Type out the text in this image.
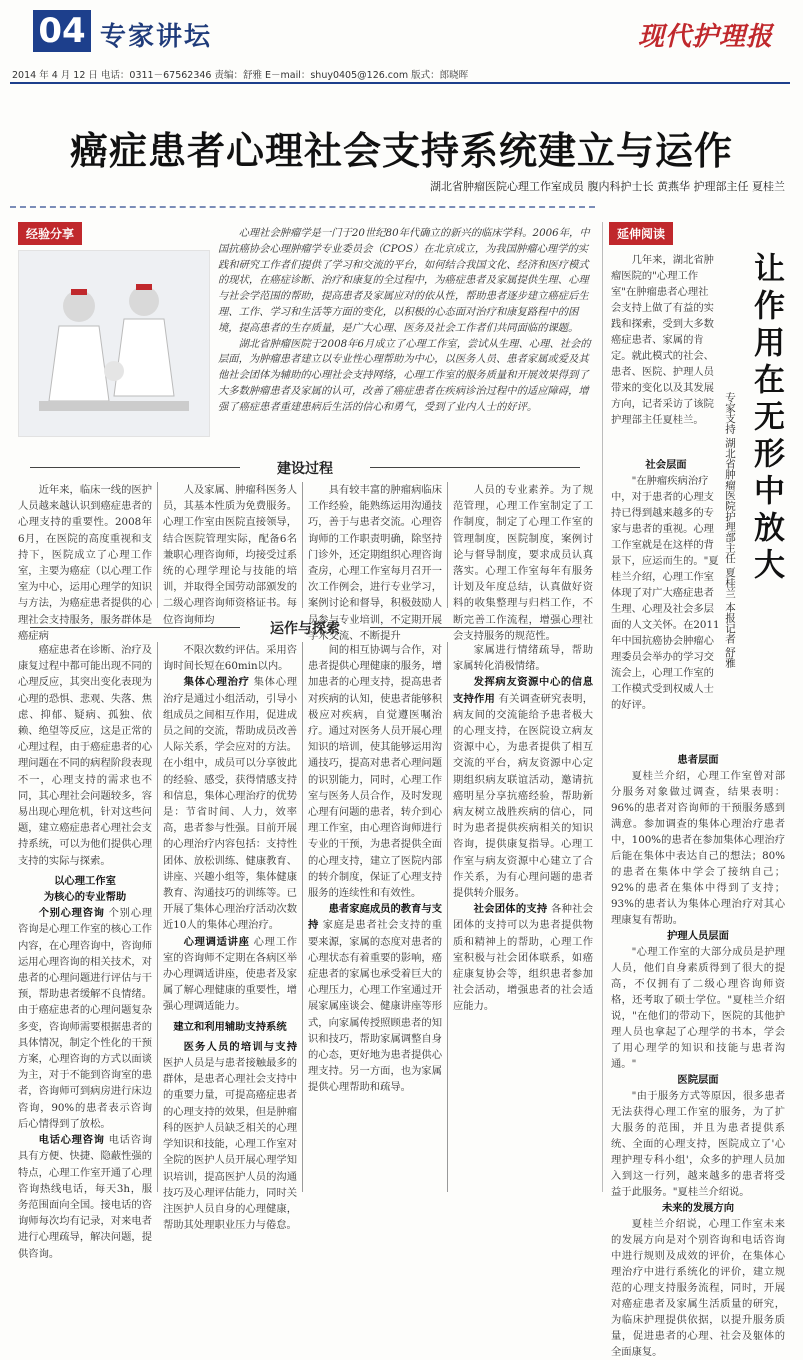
04 专家讲坛	现代护理报
2014 年 4 月 12 日 电话：0311－67562346 责编：舒雅 E－mail：shuy0405@126.com 版式：郎晓晖
癌症患者心理社会支持系统建立与运作
湖北省肿瘤医院心理工作室成员 腹内科护士长 黄燕华 护理部主任 夏桂兰
经验分享	心理社会肿瘤学是一门于20世纪80年代确立的新兴的临床学科。2006年，中国抗癌协会心理肿瘤学专业委员会（CPOS）在北京成立，为我国肿瘤心理学的实践和研究工作者们提供了学习和交流的平台，如何结合我国文化、经济和医疗模式的现状，在癌症诊断、治疗和康复的全过程中，为癌症患者及家属提供生理、心理与社会学范围的帮助，提高患者及家属应对的依从性，帮助患者逐步建立癌症后生理、工作、学习和生活等方面的变化，以积极的心态面对治疗和康复路程中的困境，提高患者的生存质量，是广大心理、医务及社会工作者们共同面临的课题。

湖北省肿瘤医院于2008年6月成立了心理工作室，尝试从生理、心理、社会的层面，为肿瘤患者建立以专业性心理帮助为中心，以医务人员、患者家属或爱及其他社会团体为辅助的心理社会支持网络，心理工作室的服务质量和开展效果得到了大多数肿瘤患者及家属的认可，改善了癌症患者在疾病诊治过程中的适应障碍，增强了癌症患者重建患病后生活的信心和勇气，受到了业内人士的好评。

建设过程

近年来，临床一线的医护人员越来越认识到癌症患者的心理支持的重要性。2008年6月，在医院的高度重视和支持下，医院成立了心理工作室，主要为癌症（以心理工作室为中心，运用心理学的知识与方法，为癌症患者提供的心理社会支持服务，服务群体是癌症病

人及家属、肿瘤科医务人员，其基本性质为免费服务。心理工作室由医院直接领导，结合医院管理实际，配备6名兼职心理咨询师，均接受过系统的心理学理论与技能的培训，并取得全国劳动部颁发的二级心理咨询师资格证书。每位咨询师均

具有较丰富的肿瘤病临床工作经验，能熟练运用沟通技巧，善于与患者交流。心理咨询师的工作职责明确，除坚持门诊外，还定期组织心理咨询查房，心理工作室每月召开一次工作例会，进行专业学习，案例讨论和督导，积极鼓励人员参与专业培训，不定期开展学术交流、不断提升

人员的专业素养。为了规范管理，心理工作室制定了工作制度，制定了心理工作室的管理制度，医院制度，案例讨论与督导制度，要求成员认真落实。心理工作室每年有服务计划及年度总结，认真做好资料的收集整理与归档工作，不断完善工作流程，增强心理社会支持服务的规范性。

运作与探索

癌症患者在诊断、治疗及康复过程中都可能出现不同的心理反应，其突出变化表现为心理的恐惧、悲观、失落、焦虑、抑郁、疑病、孤独、依赖、绝望等反应，这是正常的心理过程，由于癌症患者的心理问题在不同的病程阶段表现不一，心理支持的需求也不同，其心理社会问题较多，容易出现心理危机，针对这些问题，建立癌症患者心理社会支持系统，可以为他们提供心理支持的实际与探索。

以心理工作室

为核心的专业帮助

个别心理咨询 个别心理咨询是心理工作室的核心工作内容，在心理咨询中，咨询师运用心理咨询的相关技术，对患者的心理问题进行评估与干预，帮助患者缓解不良情绪。由于癌症患者的心理问题复杂多变，咨询师需要根据患者的具体情况，制定个性化的干预方案，心理咨询的方式以面谈为主，对于不能到咨询室的患者，咨询师可到病房进行床边咨询，90%的患者表示咨询后心情得到了放松。

电话心理咨询 电话咨询具有方便、快捷、隐蔽性强的特点，心理工作室开通了心理咨询热线电话，每天3h，服务范围面向全国。接电话的咨询师每次均有记录，对来电者进行心理疏导，解决问题，提供咨询。

不限次数约评估。采用咨询时间长短在60min以内。

集体心理治疗 集体心理治疗是通过小组活动，引导小组成员之间相互作用，促进成员之间的交流，帮助成员改善人际关系，学会应对的方法。在小组中，成员可以分享彼此的经验、感受，获得情感支持和信息，集体心理治疗的优势是：节省时间、人力，效率高，患者参与性强。目前开展的心理治疗内容包括：支持性团体、放松训练、健康教育、讲座、兴趣小组等，集体健康教育、沟通技巧的训练等。已开展了集体心理治疗活动次数近10人的集体心理治疗。

心理调适讲座 心理工作室的咨询师不定期在各病区举办心理调适讲座，使患者及家属了解心理健康的重要性，增强心理调适能力。

建立和利用辅助支持系统

医务人员的培训与支持 医护人员是与患者接触最多的群体，是患者心理社会支持中的重要力量，可提高癌症患者的心理支持的效果，但是肿瘤科的医护人员缺乏相关的心理学知识和技能，心理工作室对全院的医护人员开展心理学知识培训，提高医护人员的沟通技巧及心理评估能力，同时关注医护人员自身的心理健康，帮助其处理职业压力与倦怠。

间的相互协调与合作，对患者提供心理健康的服务，增加患者的心理支持，提高患者对疾病的认知，使患者能够积极应对疾病，自觉遵医嘱治疗。通过对医务人员开展心理知识的培训，使其能够运用沟通技巧，提高对患者心理问题的识别能力，同时，心理工作室与医务人员合作，及时发现心理有问题的患者，转介到心理工作室，由心理咨询师进行专业的干预，为患者提供全面的心理支持，建立了医院内部的转介制度，保证了心理支持服务的连续性和有效性。

患者家庭成员的教育与支持 家庭是患者社会支持的重要来源，家属的态度对患者的心理状态有着重要的影响，癌症患者的家属也承受着巨大的心理压力，心理工作室通过开展家属座谈会、健康讲座等形式，向家属传授照顾患者的知识和技巧，帮助家属调整自身的心态，更好地为患者提供心理支持。另一方面，也为家属提供心理帮助和疏导。

家属进行情绪疏导，帮助家属转化消极情绪。

发挥病友资源中心的信息支持作用 有关调查研究表明，病友间的交流能给予患者极大的心理支持，在医院设立病友资源中心，为患者提供了相互交流的平台，病友资源中心定期组织病友联谊活动，邀请抗癌明星分享抗癌经验，帮助新病友树立战胜疾病的信心，同时为患者提供疾病相关的知识咨询，提供康复指导。心理工作室与病友资源中心建立了合作关系，为有心理问题的患者提供转介服务。

社会团体的支持 各种社会团体的支持可以为患者提供物质和精神上的帮助，心理工作室积极与社会团体联系，如癌症康复协会等，组织患者参加社会活动，增强患者的社会适应能力。

延伸阅读

几年来，湖北省肿瘤医院的"心理工作室"在肿瘤患者心理社会支持上做了有益的实践和探索，受到大多数癌症患者、家属的肯定。就此模式的社会、患者、医院、护理人员带来的变化以及其发展方向，记者采访了该院护理部主任夏桂兰。	让作用在无形中放大
专家支持 湖北省肿瘤医院护理部主任 夏桂兰 本报记者 舒雅

社会层面

"在肿瘤疾病治疗中，对于患者的心理支持已得到越来越多的专家与患者的重视。心理工作室就是在这样的背景下，应运而生的。"夏桂兰介绍，心理工作室体现了对广大癌症患者生理、心理及社会多层面的人文关怀。在2011年中国抗癌协会肿瘤心理委员会举办的学习交流会上，心理工作室的工作模式受到权威人士的好评。

患者层面

夏桂兰介绍，心理工作室曾对部分服务对象做过调查，结果表明：96%的患者对咨询师的干预服务感到满意。参加调查的集体心理治疗患者中，100%的患者在参加集体心理治疗后能在集体中表达自己的想法；80%的患者在集体中学会了接纳自己；92%的患者在集体中得到了支持；93%的患者认为集体心理治疗对其心理康复有帮助。

护理人员层面

"心理工作室的大部分成员是护理人员，他们自身素质得到了很大的提高，不仅拥有了二级心理咨询师资格，还考取了硕士学位。"夏桂兰介绍说，"在他们的带动下，医院的其他护理人员也拿起了心理学的书本，学会了用心理学的知识和技能与患者沟通。"

医院层面

"由于服务方式等原因，很多患者无法获得心理工作室的服务，为了扩大服务的范围，并且为患者提供系统、全面的心理支持，医院成立了'心理护理专科小组'，众多的护理人员加入到这一行列，越来越多的患者将受益于此服务。"夏桂兰介绍说。

未来的发展方向

夏桂兰介绍说，心理工作室未来的发展方向是对个别咨询和电话咨询中进行规则及成效的评价，在集体心理治疗中进行系统化的评价，建立规范的心理支持服务流程，同时，开展对癌症患者及家属生活质量的研究，为临床护理提供依据，以提升服务质量，促进患者的心理、社会及躯体的全面康复。
